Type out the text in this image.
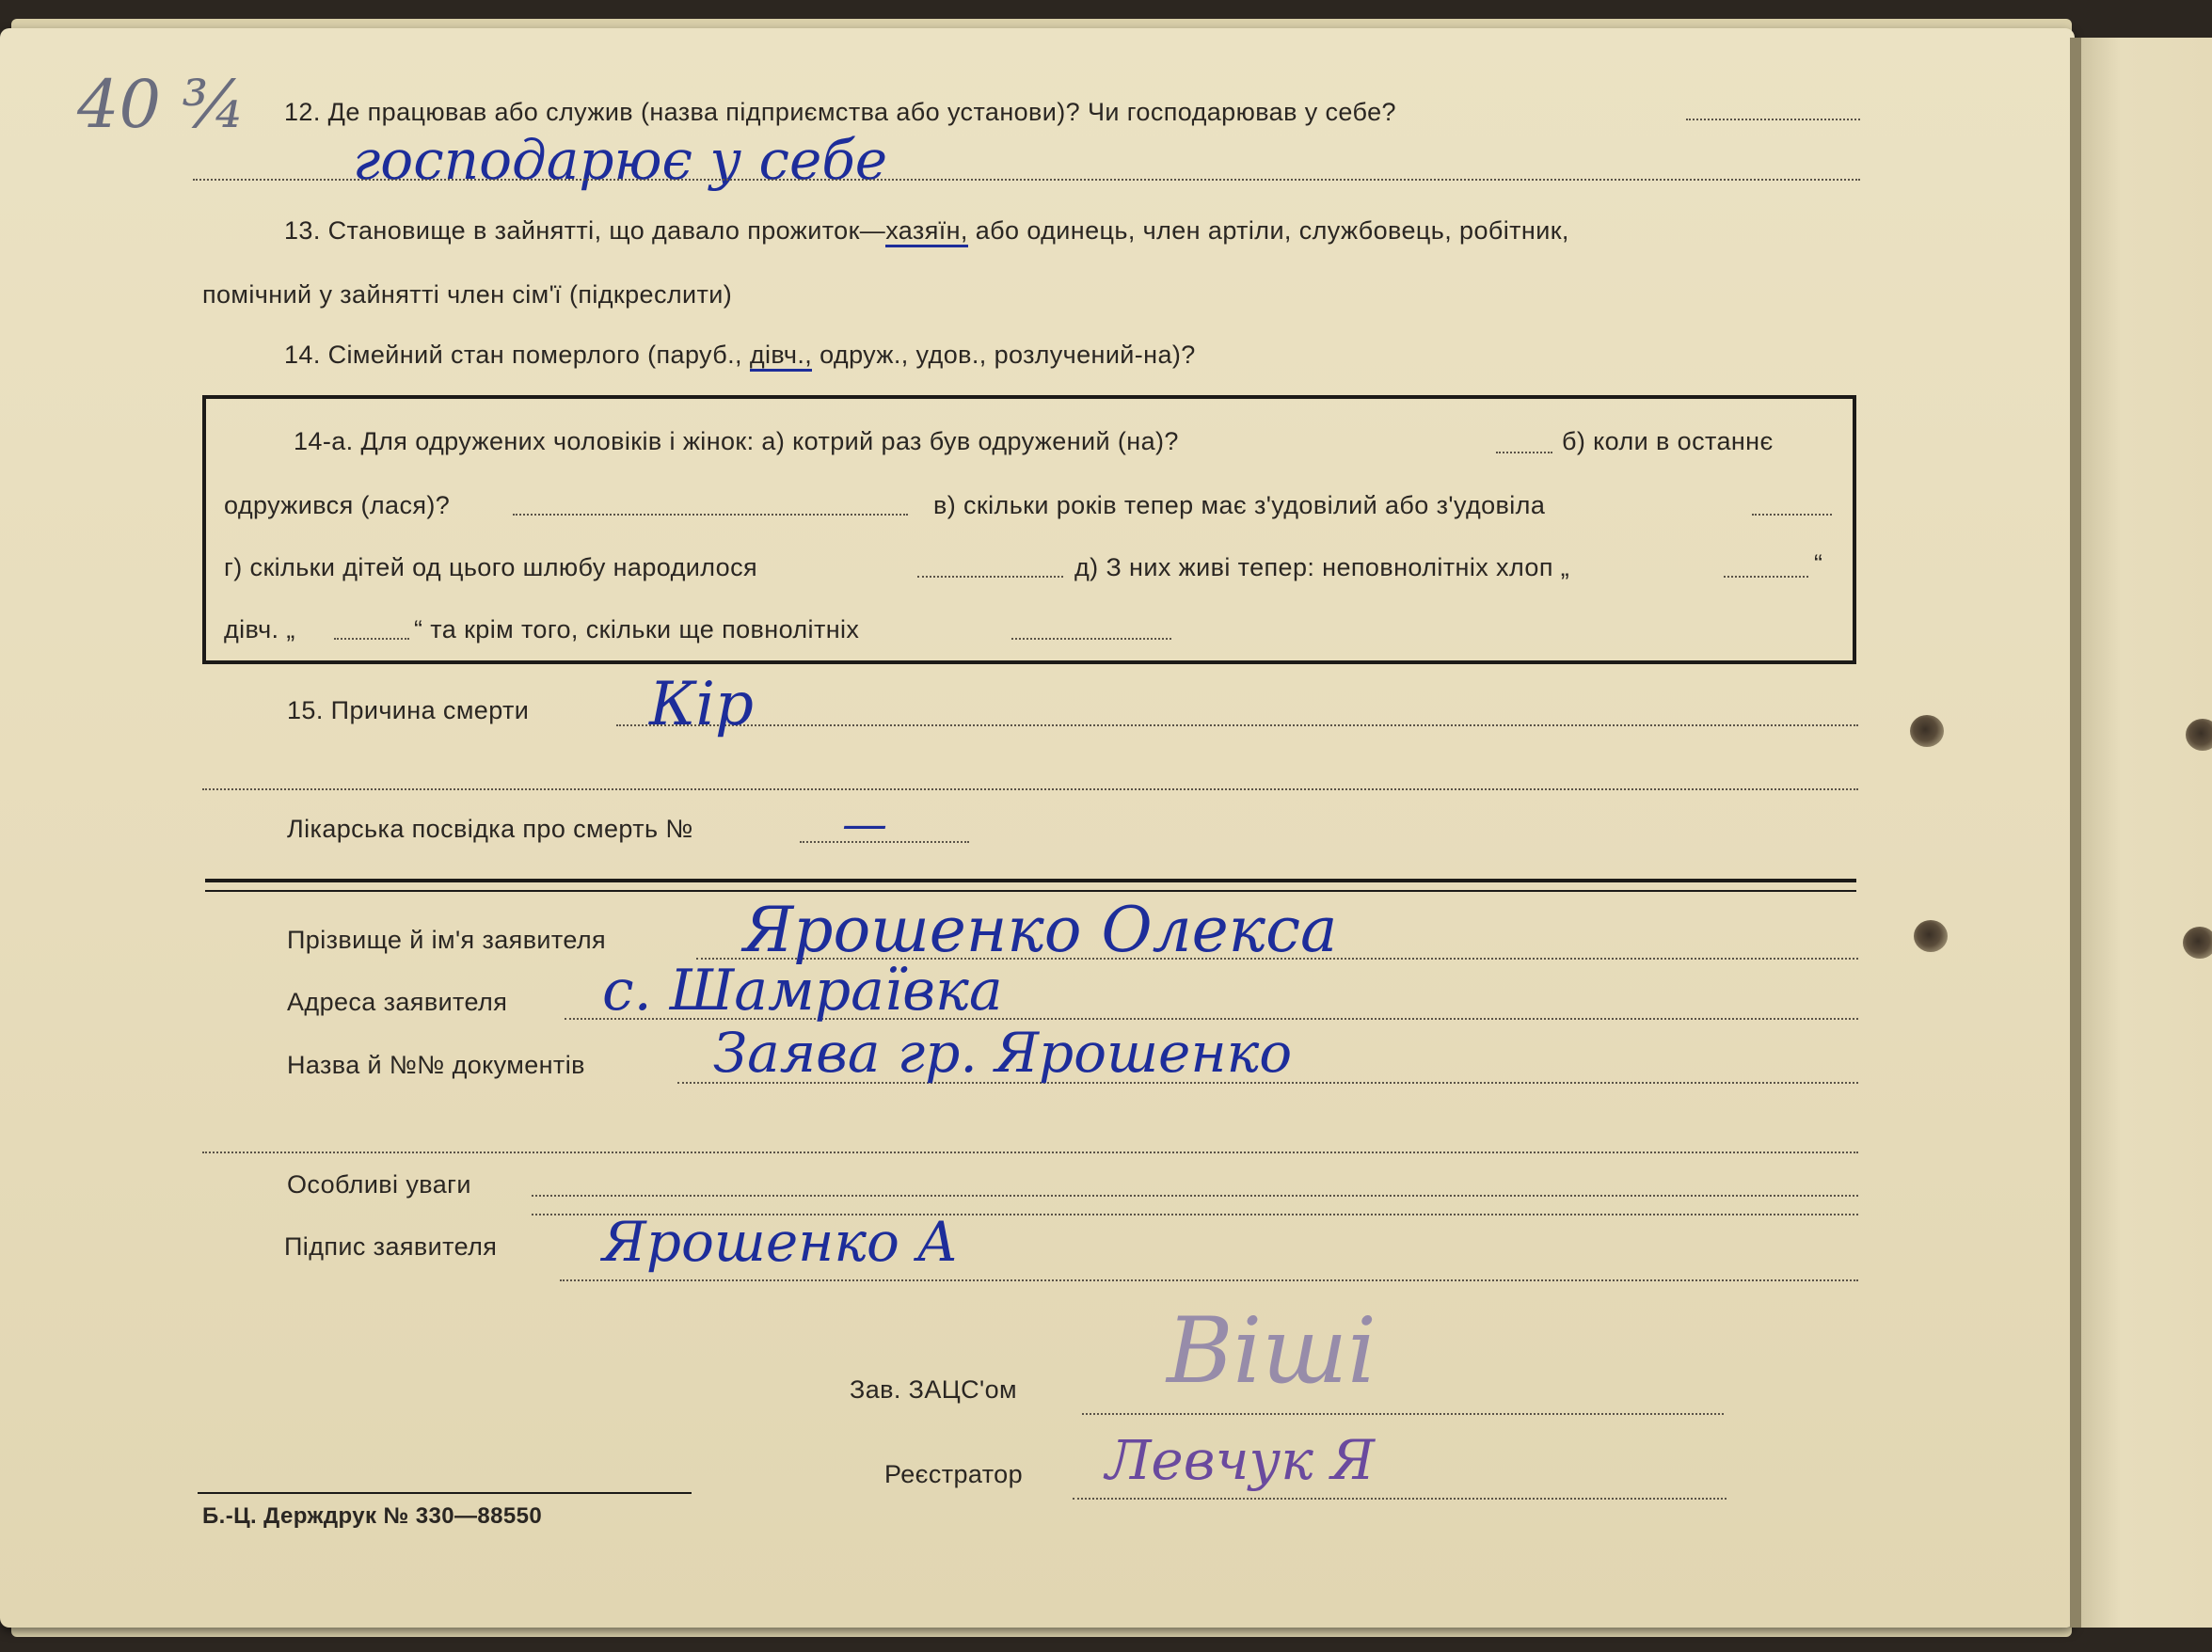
40 ¾ 12. Де працював або служив (назва підприємства або установи)? Чи господарював у себе?
господарює у себе
13. Становище в зайнятті, що давало прожиток—хазяїн, або одинець, член артіли, службовець, робітник,
помічний у зайнятті член сім'ї (підкреслити)
14. Сімейний стан померлого (паруб., дівч., одруж., удов., розлучений-на)?
14-а. Для одружених чоловіків і жінок: а) котрий раз був одружений (на)?	б) коли в останнє
одружився (лася)?	в) скільки років тепер має з'удовілий або з'удовіла
г) скільки дітей од цього шлюбу народилося	д) З них живі тепер: неповнолітніх хлоп „	“
дівч. „	“ та крім того, скільки ще повнолітніх
15. Причина смерти Кір
Лікарська посвідка про смерть №	—
Прізвище й ім'я заявителя Ярошенко Олекса
Адреса заявителя с. Шамраївка
Назва й №№ документів Заява гр. Ярошенко
Особливі уваги
Підпис заявителя Ярошенко А
Зав. ЗАЦС'ом Віші
Реєстратор Левчук Я
Б.-Ц. Держдрук № 330—88550
